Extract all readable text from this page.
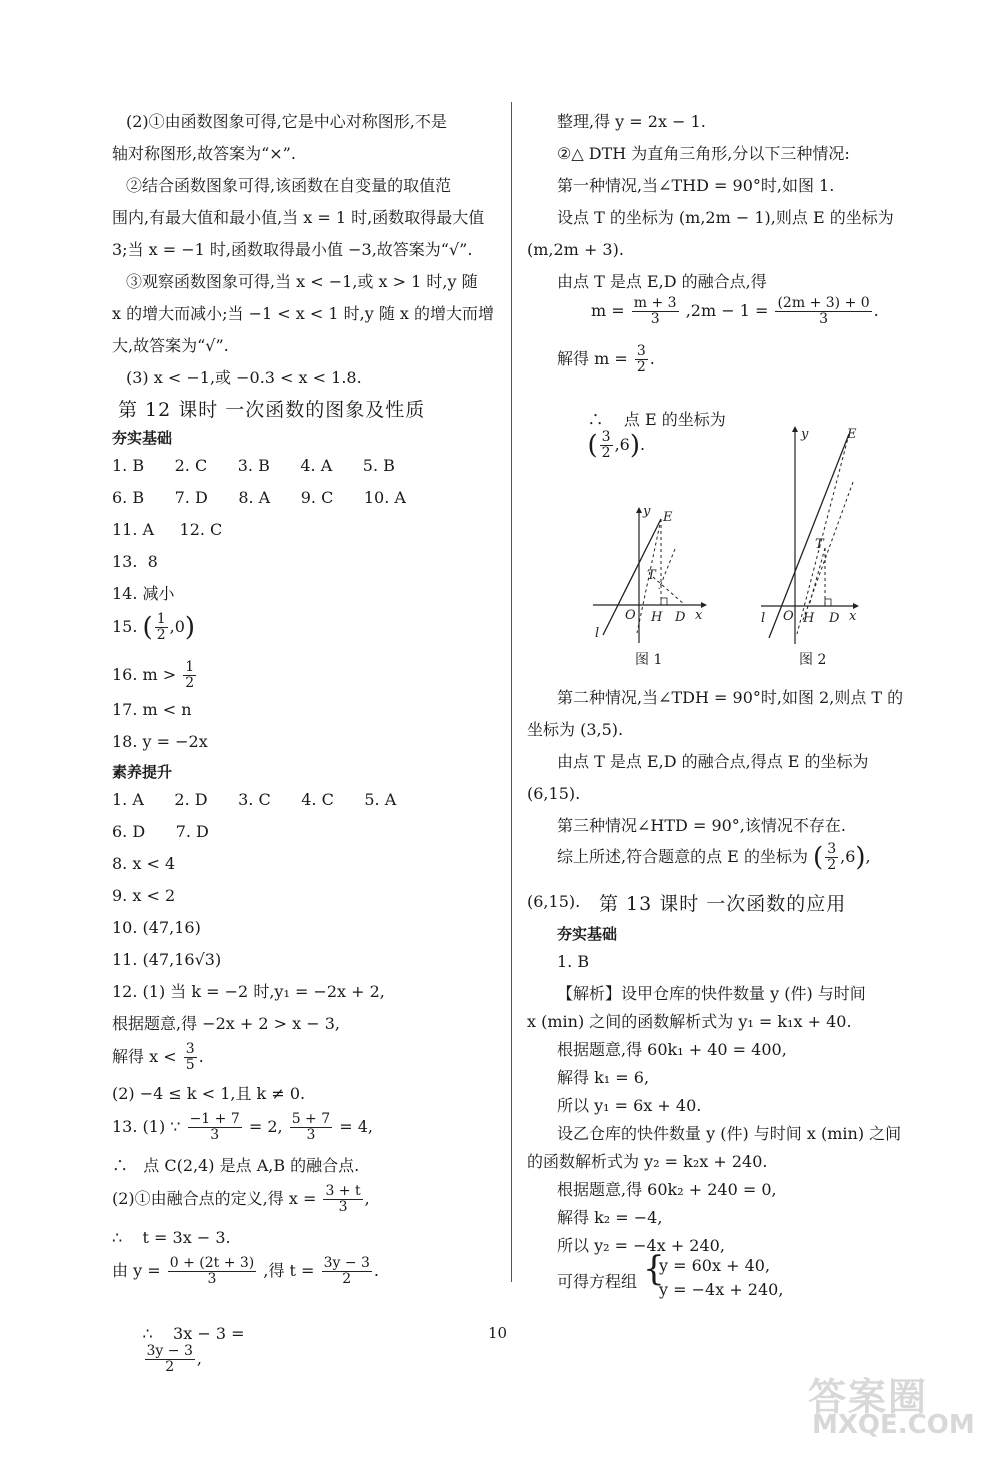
(2)①由函数图象可得,它是中心对称图形,不是
轴对称图形,故答案为“×”.
②结合函数图象可得,该函数在自变量的取值范
围内,有最大值和最小值,当 x = 1 时,函数取得最大值
3;当 x = −1 时,函数取得最小值 −3,故答案为“√”.
③观察函数图象可得,当 x < −1,或 x > 1 时,y 随
x 的增大而减小;当 −1 < x < 1 时,y 随 x 的增大而增
大,故答案为“√”.
(3) x < −1,或 −0.3 < x < 1.8.
第 12 课时 一次函数的图象及性质
夯实基础
1. B      2. C      3. B      4. A      5. B
6. B      7. D      8. A      9. C      10. A
11. A     12. C
13.  8
14. 减小
15. ( $\frac{1}{2} ,0$)
16. $m > \frac{1}{2}$
17. m < n
18. y = −2x
素养提升
1. A      2. D      3. C      4. C      5. A
6. D      7. D
8. x < 4
9. x < 2
10. (47,16)
11. (47,16√3)
12. (1) 当 k = −2 时,y₁ = −2x + 2,
根据题意,得 −2x + 2 > x − 3,
解得 $x < \frac{3}{5}$ .
(2) −4 ≤ k < 1,且 k ≠ 0.
13. (1) ∵ $\frac{-1 + 7}{3} = 2$, $\frac{5 + 7}{3} = 4$,
∴   点 C(2,4) 是点 A,B 的融合点.
(2)①由融合点的定义,得 $x = \frac{3 + t}{3}$ ,
∴    t = 3x − 3.
由 $y = \frac{0 + (2t + 3)}{3}$ ,得 $t = \frac{3y - 3}{2}$ .

∴    3x − 3 =

$\frac{3y - 3}{2}$ ,

整理,得 y = 2x − 1.
②△ DTH 为直角三角形,分以下三种情况:
第一种情况,当∠THD = 90°时,如图 1.
设点 T 的坐标为 (m,2m − 1),则点 E 的坐标为
(m,2m + 3).
由点 T 是点 E,D 的融合点,得
$m = \frac{m + 3}{3} ,2m - 1 = \frac{(2m + 3) + 0}{3}$ .
解得 $m = \frac{3}{2}$ .

∴    点 E 的坐标为
( $\frac{3}{2} ,6$).

y E
T
O H D x
l
图 1
y	E
T
O H D x
l
图 2
第二种情况,当∠TDH = 90°时,如图 2,则点 T 的
坐标为 (3,5).
由点 T 是点 E,D 的融合点,得点 E 的坐标为
(6,15).
第三种情况∠HTD = 90°,该情况不存在.
综上所述,符合题意的点 E 的坐标为 ( $\frac{3}{2} ,6$),
(6,15). 第 13 课时 一次函数的应用
夯实基础
1. B
【解析】设甲仓库的快件数量 y (件) 与时间
x (min) 之间的函数解析式为 y₁ = k₁x + 40.
根据题意,得 60k₁ + 40 = 400,
解得 k₁ = 6,
所以 y₁ = 6x + 40.
设乙仓库的快件数量 y (件) 与时间 x (min) 之间
的函数解析式为 y₂ = k₂x + 240.
根据题意,得 60k₂ + 240 = 0,
解得 k₂ = −4,
所以 y₂ = −4x + 240,
可得方程组 {
y = 60x + 40,
y = −4x + 240,
10
答案圈
MXQE.COM
